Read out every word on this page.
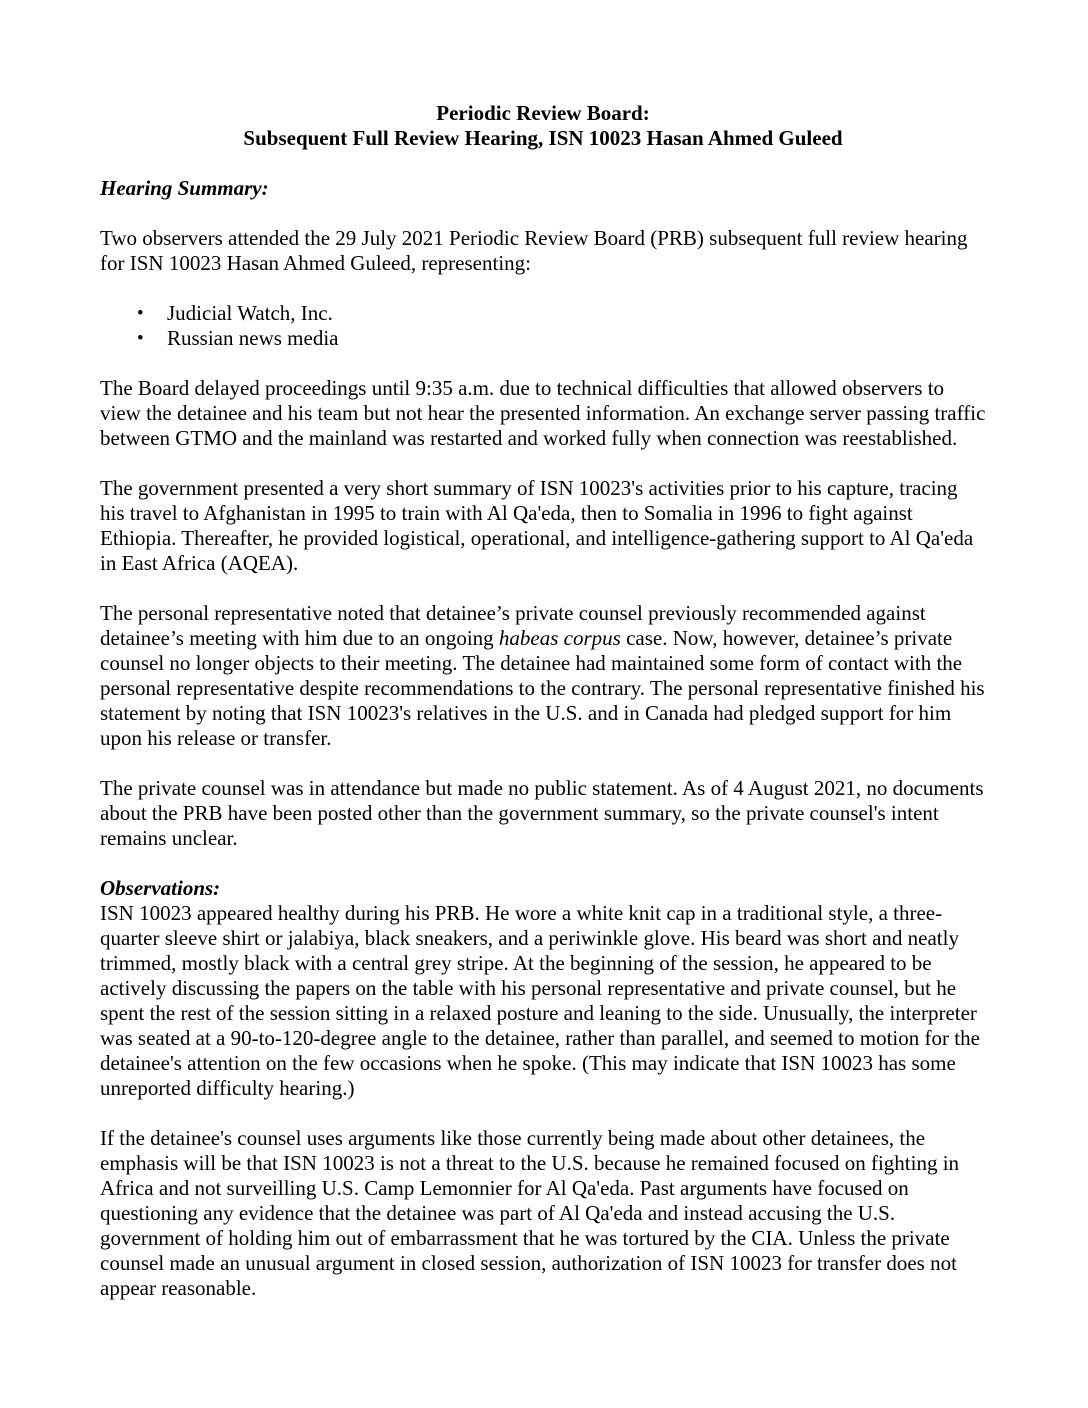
Periodic Review Board:
Subsequent Full Review Hearing, ISN 10023 Hasan Ahmed Guleed
Hearing Summary:

Two observers attended the 29 July 2021 Periodic Review Board (PRB) subsequent full review hearing for ISN 10023 Hasan Ahmed Guleed, representing:

• Judicial Watch, Inc.
• Russian news media

The Board delayed proceedings until 9:35 a.m. due to technical difficulties that allowed observers to view the detainee and his team but not hear the presented information. An exchange server passing traffic between GTMO and the mainland was restarted and worked fully when connection was reestablished.

The government presented a very short summary of ISN 10023's activities prior to his capture, tracing his travel to Afghanistan in 1995 to train with Al Qa'eda, then to Somalia in 1996 to fight against Ethiopia. Thereafter, he provided logistical, operational, and intelligence-gathering support to Al Qa'eda in East Africa (AQEA).

The personal representative noted that detainee’s private counsel previously recommended against detainee’s meeting with him due to an ongoing habeas corpus case. Now, however, detainee’s private counsel no longer objects to their meeting. The detainee had maintained some form of contact with the personal representative despite recommendations to the contrary. The personal representative finished his statement by noting that ISN 10023's relatives in the U.S. and in Canada had pledged support for him upon his release or transfer.

The private counsel was in attendance but made no public statement. As of 4 August 2021, no documents about the PRB have been posted other than the government summary, so the private counsel's intent remains unclear.

Observations:

ISN 10023 appeared healthy during his PRB. He wore a white knit cap in a traditional style, a three-quarter sleeve shirt or jalabiya, black sneakers, and a periwinkle glove. His beard was short and neatly trimmed, mostly black with a central grey stripe. At the beginning of the session, he appeared to be actively discussing the papers on the table with his personal representative and private counsel, but he spent the rest of the session sitting in a relaxed posture and leaning to the side. Unusually, the interpreter was seated at a 90-to-120-degree angle to the detainee, rather than parallel, and seemed to motion for the detainee's attention on the few occasions when he spoke. (This may indicate that ISN 10023 has some unreported difficulty hearing.)

If the detainee's counsel uses arguments like those currently being made about other detainees, the emphasis will be that ISN 10023 is not a threat to the U.S. because he remained focused on fighting in Africa and not surveilling U.S. Camp Lemonnier for Al Qa'eda. Past arguments have focused on questioning any evidence that the detainee was part of Al Qa'eda and instead accusing the U.S. government of holding him out of embarrassment that he was tortured by the CIA. Unless the private counsel made an unusual argument in closed session, authorization of ISN 10023 for transfer does not appear reasonable.
